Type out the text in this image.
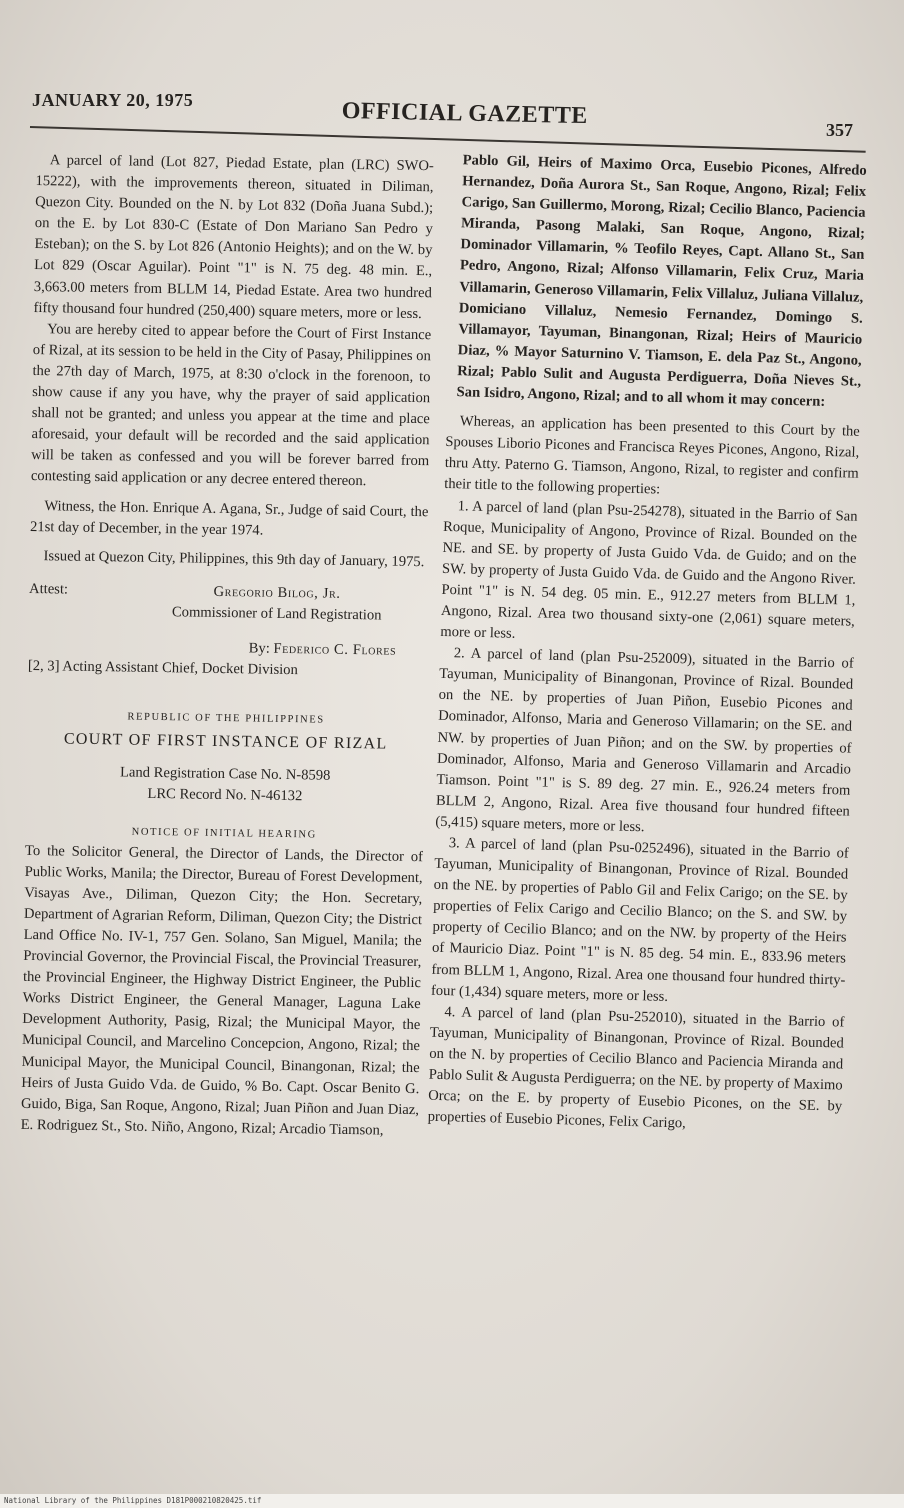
JANUARY 20, 1975	OFFICIAL GAZETTE
357

A parcel of land (Lot 827, Piedad Estate, plan (LRC) SWO-15222), with the improvements thereon, situated in Diliman, Quezon City. Bounded on the N. by Lot 832 (Doña Juana Subd.); on the E. by Lot 830-C (Estate of Don Mariano San Pedro y Esteban); on the S. by Lot 826 (Antonio Heights); and on the W. by Lot 829 (Oscar Aguilar). Point "1" is N. 75 deg. 48 min. E., 3,663.00 meters from BLLM 14, Piedad Estate. Area two hundred fifty thousand four hundred (250,400) square meters, more or less.

You are hereby cited to appear before the Court of First Instance of Rizal, at its session to be held in the City of Pasay, Philippines on the 27th day of March, 1975, at 8:30 o'clock in the forenoon, to show cause if any you have, why the prayer of said application shall not be granted; and unless you appear at the time and place aforesaid, your default will be recorded and the said application will be taken as confessed and you will be forever barred from contesting said application or any decree entered thereon.

Witness, the Hon. Enrique A. Agana, Sr., Judge of said Court, the 21st day of December, in the year 1974.

Issued at Quezon City, Philippines, this 9th day of January, 1975.

Attest:	Gregorio Bilog, Jr.
Commissioner of Land Registration
By: Federico C. Flores
[2, 3] Acting Assistant Chief, Docket Division
REPUBLIC OF THE PHILIPPINES
COURT OF FIRST INSTANCE OF RIZAL
Land Registration Case No. N-8598
LRC Record No. N-46132
NOTICE OF INITIAL HEARING

To the Solicitor General, the Director of Lands, the Director of Public Works, Manila; the Director, Bureau of Forest Development, Visayas Ave., Diliman, Quezon City; the Hon. Secretary, Department of Agrarian Reform, Diliman, Quezon City; the District Land Office No. IV-1, 757 Gen. Solano, San Miguel, Manila; the Provincial Governor, the Provincial Fiscal, the Provincial Treasurer, the Provincial Engineer, the Highway District Engineer, the Public Works District Engineer, the General Manager, Laguna Lake Development Authority, Pasig, Rizal; the Municipal Mayor, the Municipal Council, and Marcelino Concepcion, Angono, Rizal; the Municipal Mayor, the Municipal Council, Binangonan, Rizal; the Heirs of Justa Guido Vda. de Guido, % Bo. Capt. Oscar Benito G. Guido, Biga, San Roque, Angono, Rizal; Juan Piñon and Juan Diaz, E. Rodriguez St., Sto. Niño, Angono, Rizal; Arcadio Tiamson,

Pablo Gil, Heirs of Maximo Orca, Eusebio Picones, Alfredo Hernandez, Doña Aurora St., San Roque, Angono, Rizal; Felix Carigo, San Guillermo, Morong, Rizal; Cecilio Blanco, Paciencia Miranda, Pasong Malaki, San Roque, Angono, Rizal; Dominador Villamarin, % Teofilo Reyes, Capt. Allano St., San Pedro, Angono, Rizal; Alfonso Villamarin, Felix Cruz, Maria Villamarin, Generoso Villamarin, Felix Villaluz, Juliana Villaluz, Domiciano Villaluz, Nemesio Fernandez, Domingo S. Villamayor, Tayuman, Binangonan, Rizal; Heirs of Mauricio Diaz, % Mayor Saturnino V. Tiamson, E. dela Paz St., Angono, Rizal; Pablo Sulit and Augusta Perdiguerra, Doña Nieves St., San Isidro, Angono, Rizal; and to all whom it may concern:

Whereas, an application has been presented to this Court by the Spouses Liborio Picones and Francisca Reyes Picones, Angono, Rizal, thru Atty. Paterno G. Tiamson, Angono, Rizal, to register and confirm their title to the following properties:

1. A parcel of land (plan Psu-254278), situated in the Barrio of San Roque, Municipality of Angono, Province of Rizal. Bounded on the NE. and SE. by property of Justa Guido Vda. de Guido; and on the SW. by property of Justa Guido Vda. de Guido and the Angono River. Point "1" is N. 54 deg. 05 min. E., 912.27 meters from BLLM 1, Angono, Rizal. Area two thousand sixty-one (2,061) square meters, more or less.

2. A parcel of land (plan Psu-252009), situated in the Barrio of Tayuman, Municipality of Binangonan, Province of Rizal. Bounded on the NE. by properties of Juan Piñon, Eusebio Picones and Dominador, Alfonso, Maria and Generoso Villamarin; on the SE. and NW. by properties of Juan Piñon; and on the SW. by properties of Dominador, Alfonso, Maria and Generoso Villamarin and Arcadio Tiamson. Point "1" is S. 89 deg. 27 min. E., 926.24 meters from BLLM 2, Angono, Rizal. Area five thousand four hundred fifteen (5,415) square meters, more or less.

3. A parcel of land (plan Psu-0252496), situated in the Barrio of Tayuman, Municipality of Binangonan, Province of Rizal. Bounded on the NE. by properties of Pablo Gil and Felix Carigo; on the SE. by properties of Felix Carigo and Cecilio Blanco; on the S. and SW. by property of Cecilio Blanco; and on the NW. by property of the Heirs of Mauricio Diaz. Point "1" is N. 85 deg. 54 min. E., 833.96 meters from BLLM 1, Angono, Rizal. Area one thousand four hundred thirty-four (1,434) square meters, more or less.

4. A parcel of land (plan Psu-252010), situated in the Barrio of Tayuman, Municipality of Binangonan, Province of Rizal. Bounded on the N. by properties of Cecilio Blanco and Paciencia Miranda and Pablo Sulit & Augusta Perdiguerra; on the NE. by property of Maximo Orca; on the E. by property of Eusebio Picones, on the SE. by properties of Eusebio Picones, Felix Carigo,

National Library of the Philippines D181P000210820425.tif
